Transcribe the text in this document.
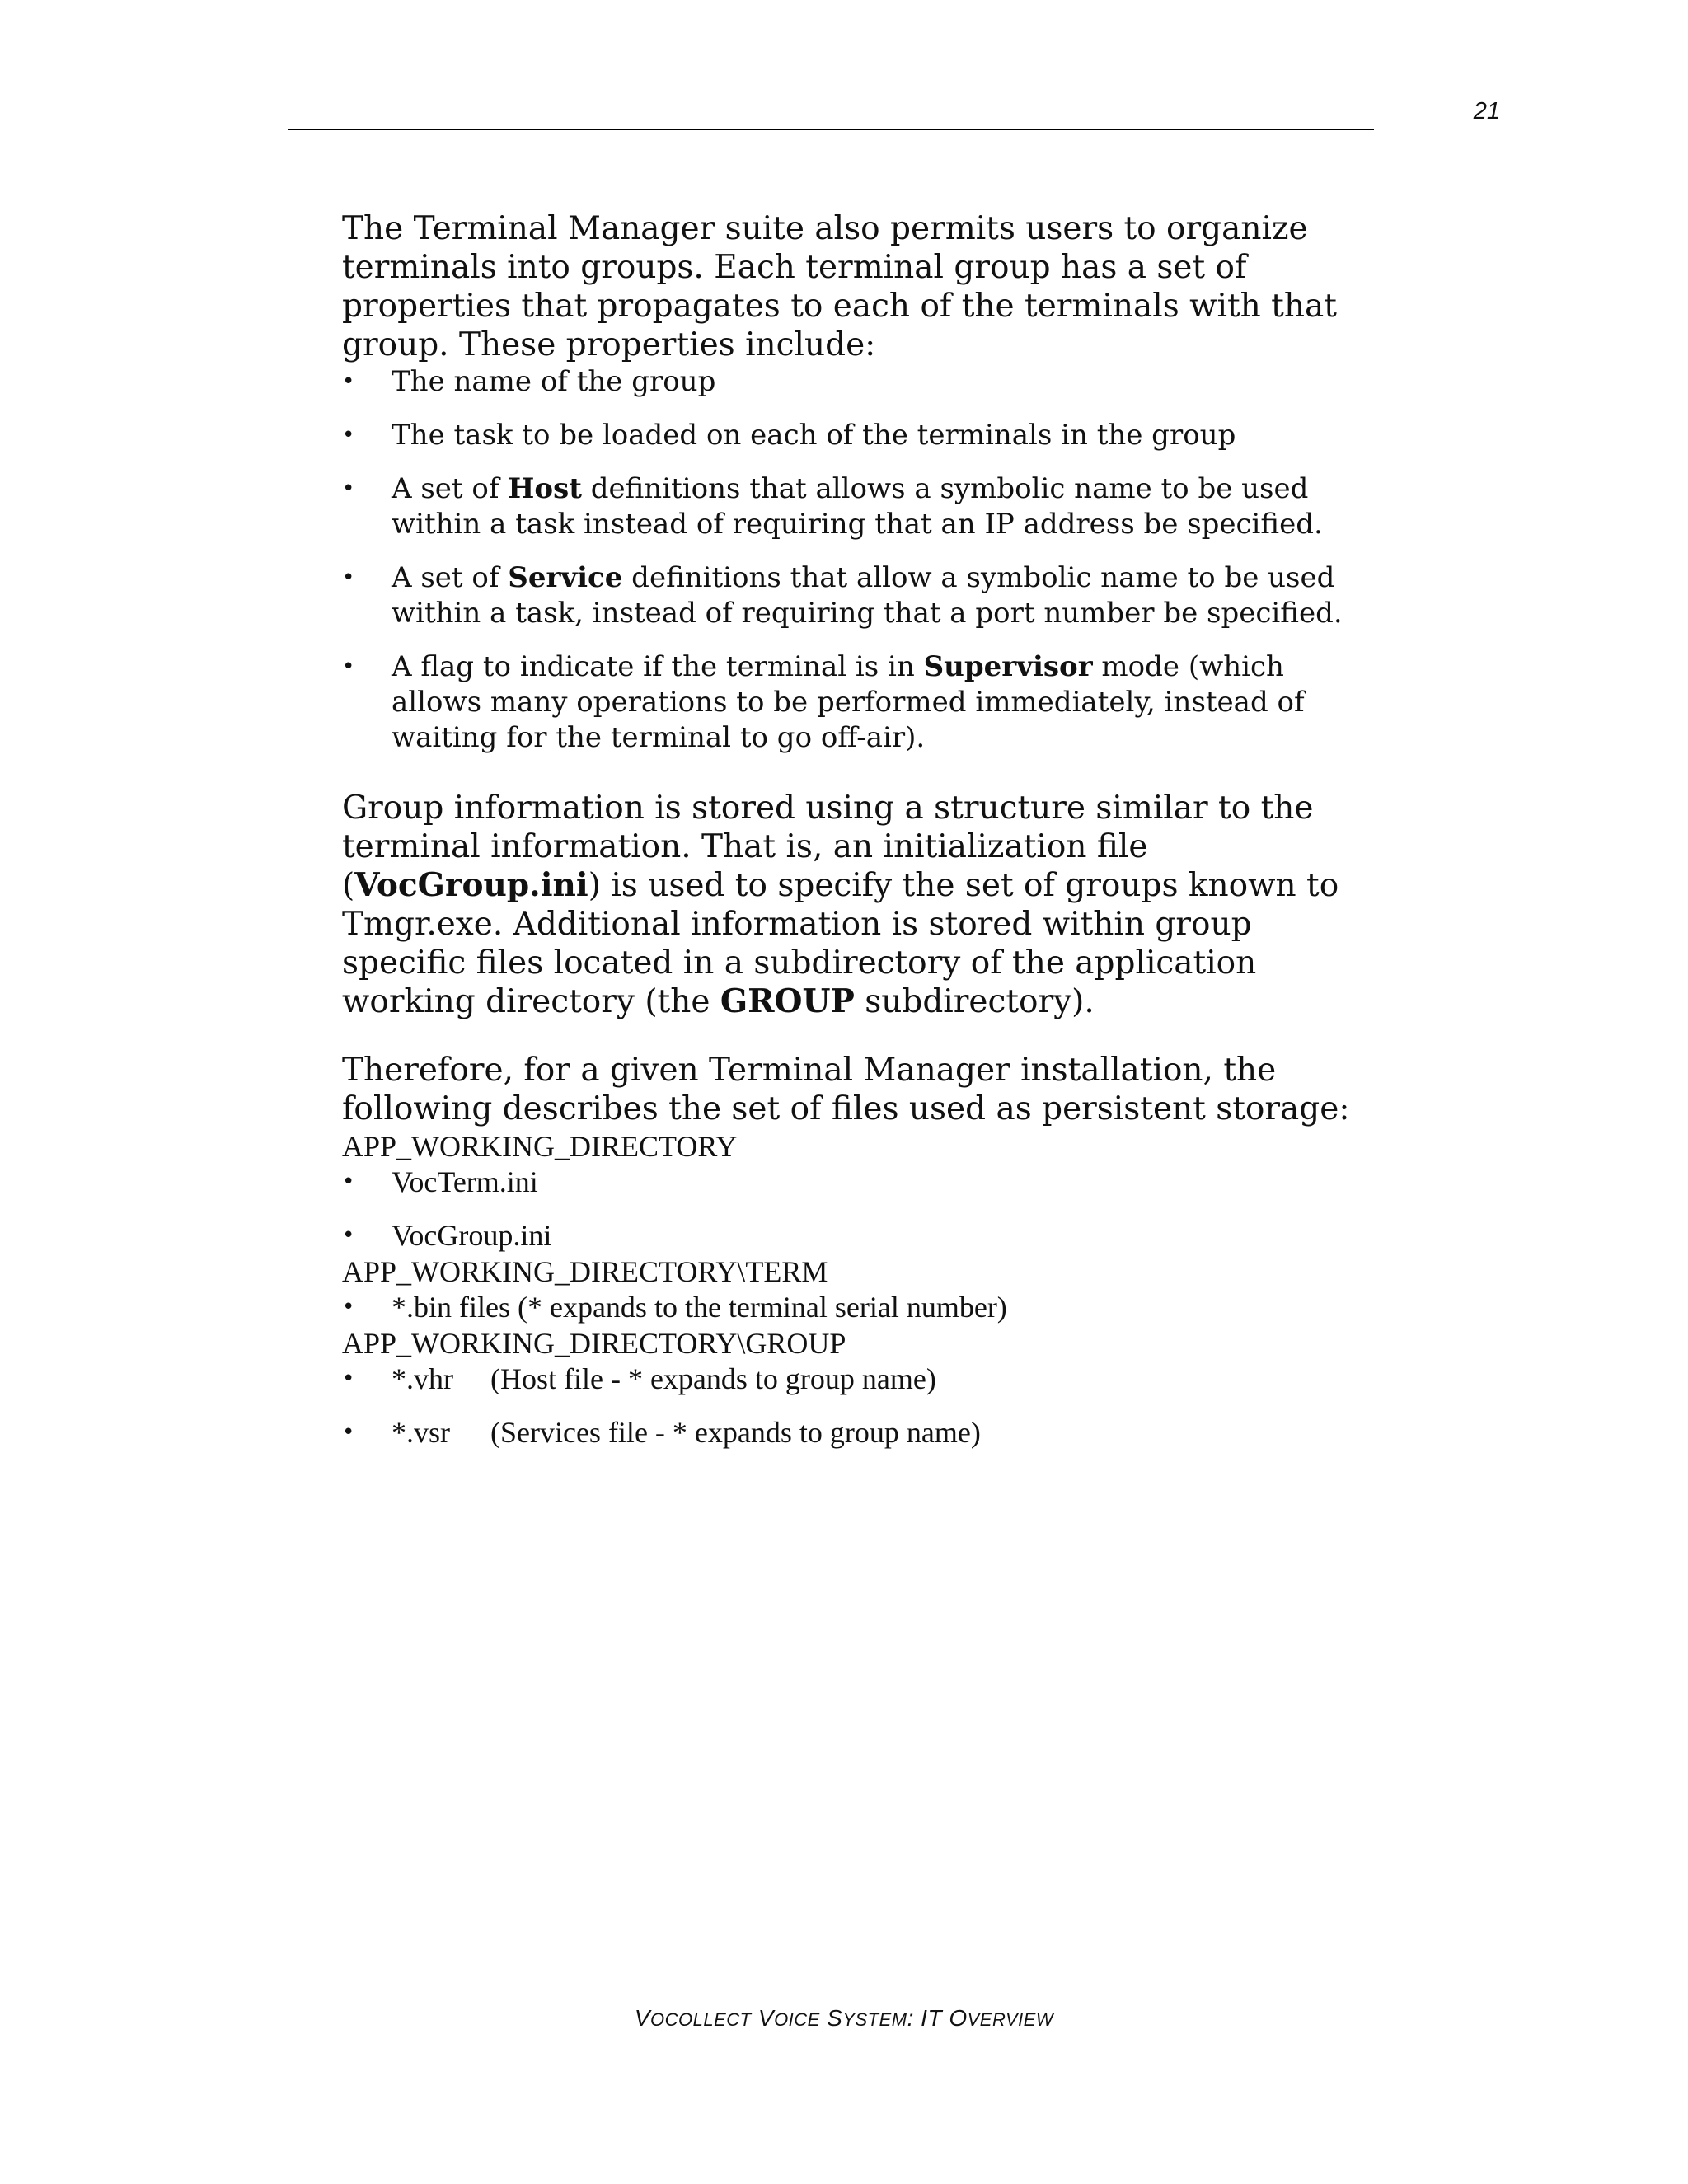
21

The Terminal Manager suite also permits users to organize terminals into groups. Each terminal group has a set of properties that propagates to each of the terminals with that group. These properties include:

• The name of the group
• The task to be loaded on each of the terminals in the group
• A set of Host definitions that allows a symbolic name to be used within a task instead of requiring that an IP address be specified.
• A set of Service definitions that allow a symbolic name to be used within a task, instead of requiring that a port number be specified.
• A flag to indicate if the terminal is in Supervisor mode (which allows many operations to be performed immediately, instead of waiting for the terminal to go off-air).

Group information is stored using a structure similar to the terminal information. That is, an initialization file (VocGroup.ini) is used to specify the set of groups known to Tmgr.exe. Additional information is stored within group specific files located in a subdirectory of the application working directory (the GROUP subdirectory).

Therefore, for a given Terminal Manager installation, the following describes the set of files used as persistent storage:

APP_WORKING_DIRECTORY

• VocTerm.ini
• VocGroup.ini

APP_WORKING_DIRECTORY\TERM

• *.bin files (* expands to the terminal serial number)

APP_WORKING_DIRECTORY\GROUP

• *.vhr (Host file - * expands to group name)
• *.vsr (Services file - * expands to group name)
VOCOLLECT VOICE SYSTEM: IT OVERVIEW
